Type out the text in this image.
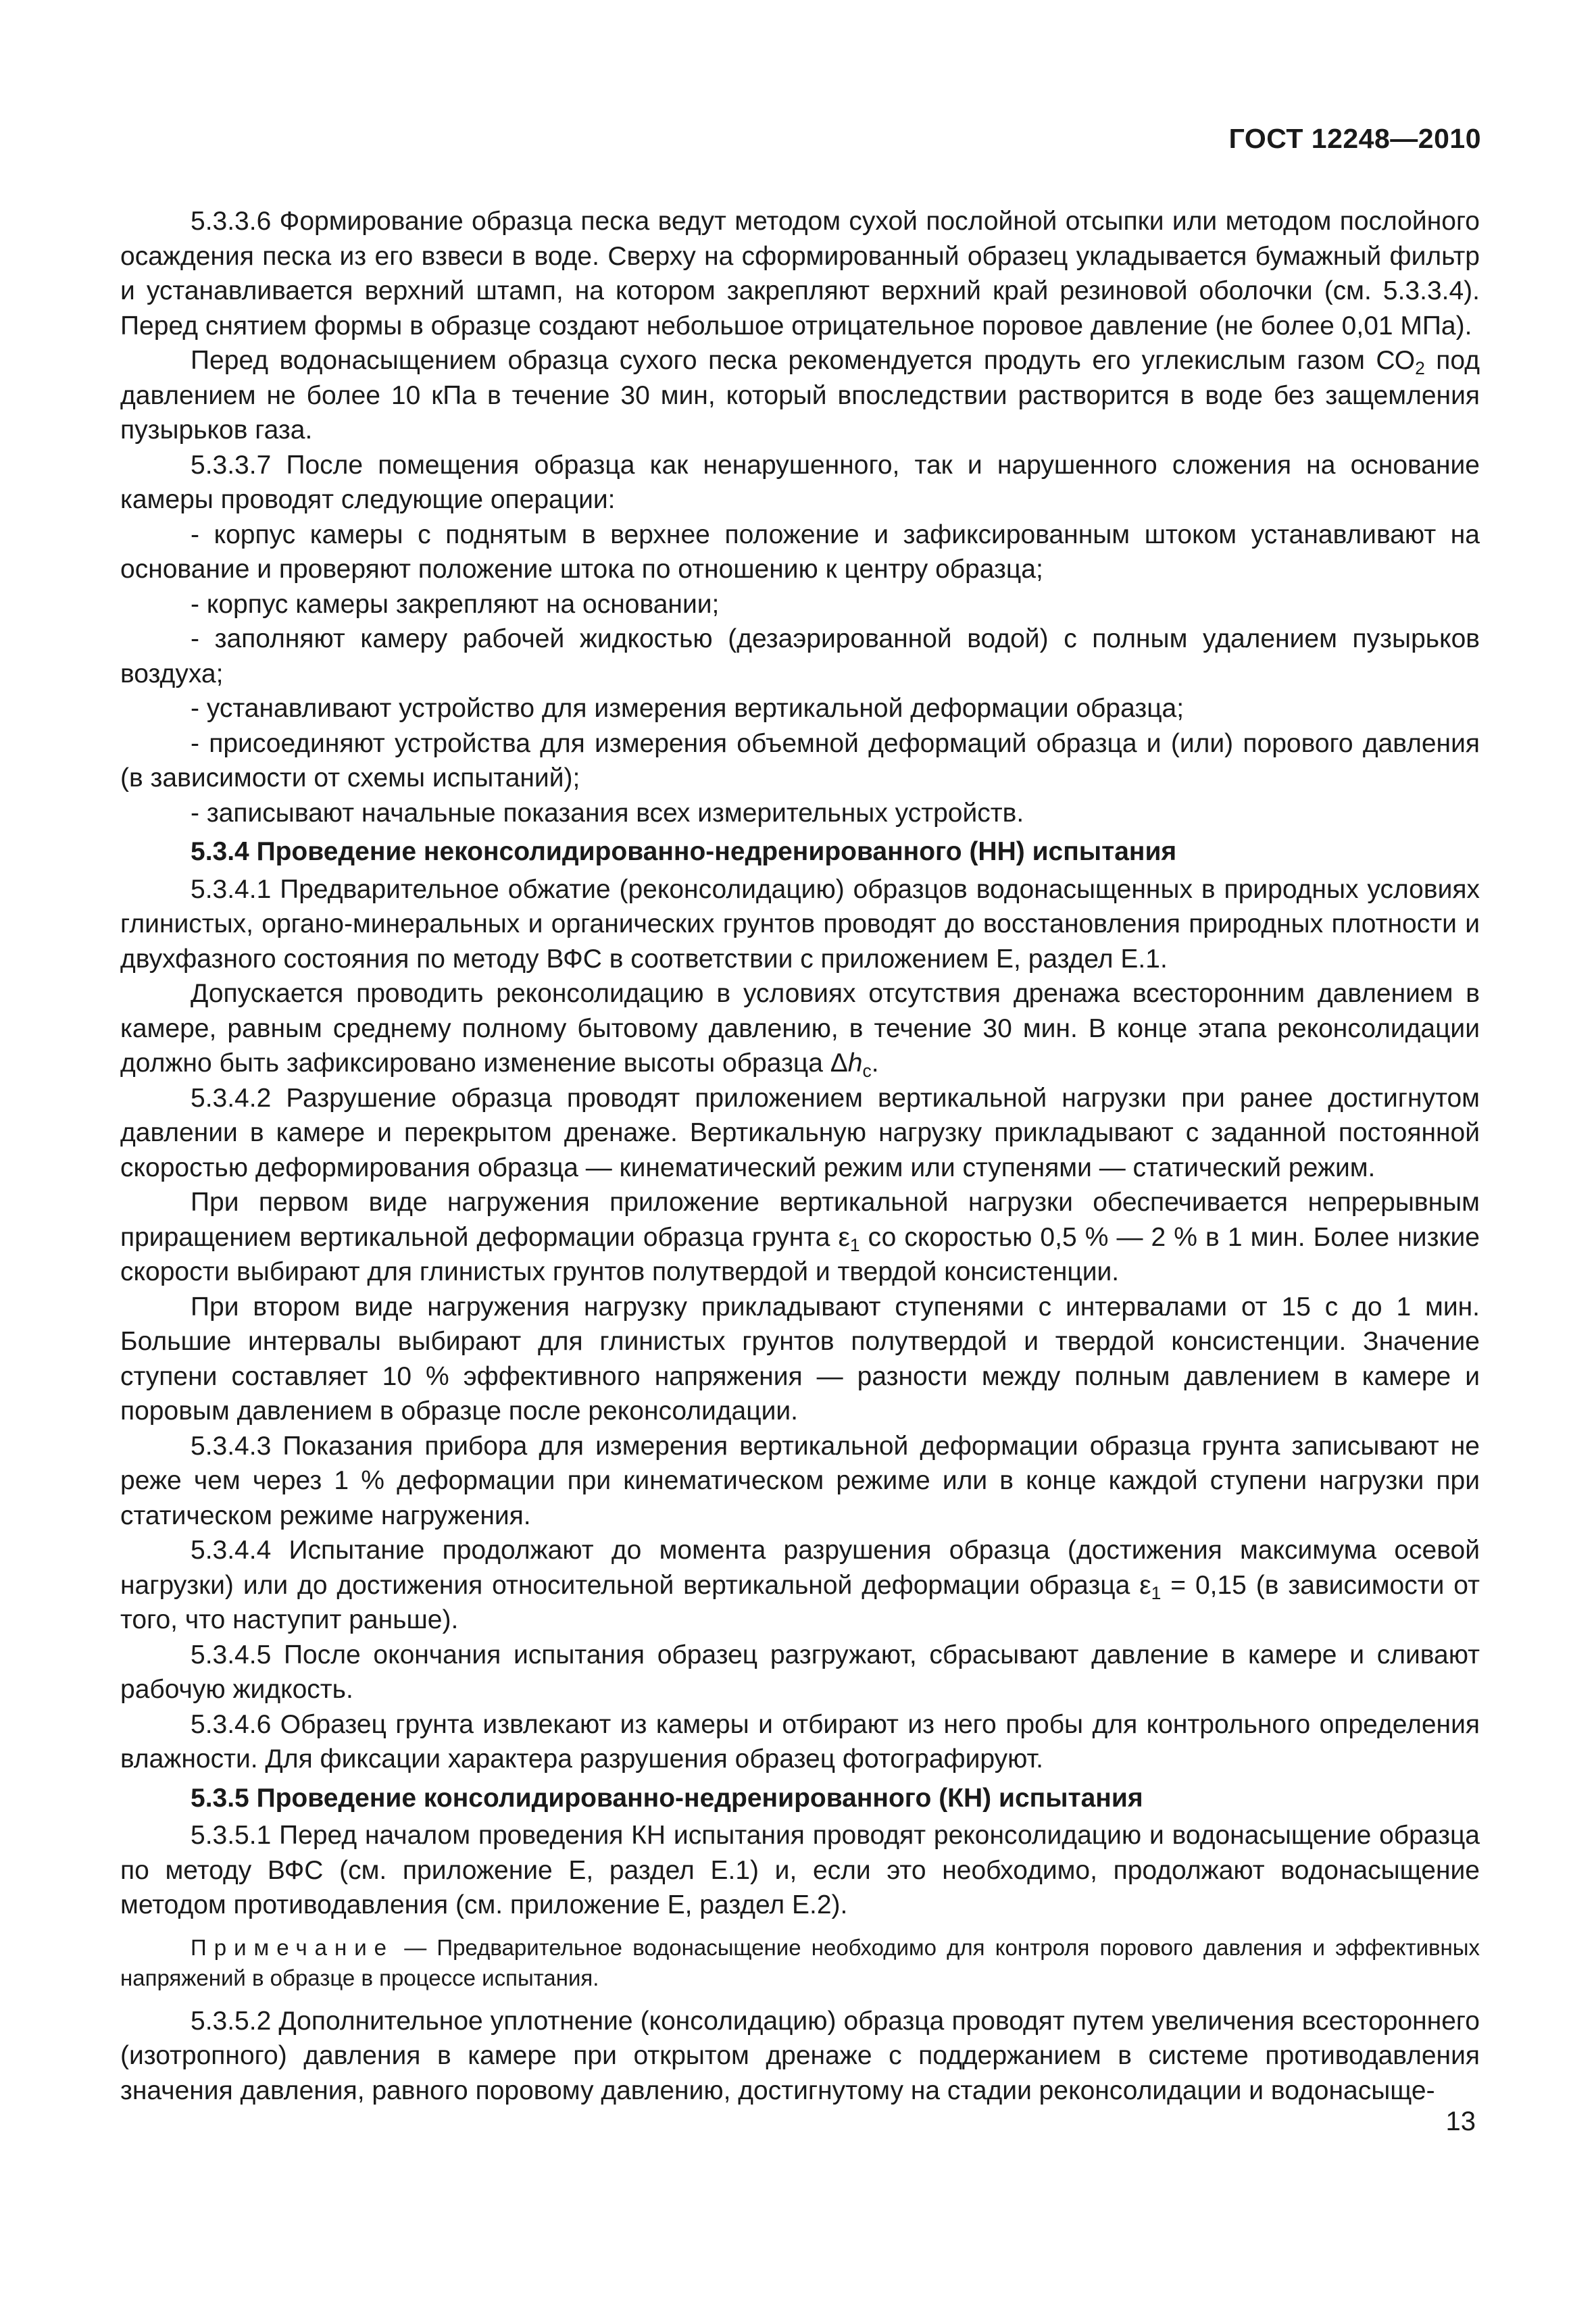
ГОСТ 12248—2010

5.3.3.6 Формирование образца песка ведут методом сухой послойной отсыпки или методом послойного осаждения песка из его взвеси в воде. Сверху на сформированный образец укладывается бумажный фильтр и устанавливается верхний штамп, на котором закрепляют верхний край резиновой оболочки (см. 5.3.3.4). Перед снятием формы в образце создают небольшое отрицательное поровое давление (не более 0,01 МПа).

Перед водонасыщением образца сухого песка рекомендуется продуть его углекислым газом $СО_2$ под давлением не более 10 кПа в течение 30 мин, который впоследствии растворится в воде без защемления пузырьков газа.

5.3.3.7 После помещения образца как ненарушенного, так и нарушенного сложения на основание камеры проводят следующие операции:

- корпус камеры с поднятым в верхнее положение и зафиксированным штоком устанавливают на основание и проверяют положение штока по отношению к центру образца;

- корпус камеры закрепляют на основании;

- заполняют камеру рабочей жидкостью (дезаэрированной водой) с полным удалением пузырьков воздуха;

- устанавливают устройство для измерения вертикальной деформации образца;

- присоединяют устройства для измерения объемной деформаций образца и (или) порового давления (в зависимости от схемы испытаний);

- записывают начальные показания всех измерительных устройств.

5.3.4 Проведение неконсолидированно-недренированного (НН) испытания

5.3.4.1 Предварительное обжатие (реконсолидацию) образцов водонасыщенных в природных условиях глинистых, органо-минеральных и органических грунтов проводят до восстановления природных плотности и двухфазного состояния по методу ВФС в соответствии с приложением Е, раздел Е.1.

Допускается проводить реконсолидацию в условиях отсутствия дренажа всесторонним давлением в камере, равным среднему полному бытовому давлению, в течение 30 мин. В конце этапа реконсолидации должно быть зафиксировано изменение высоты образца $\Delta h_c$.

5.3.4.2 Разрушение образца проводят приложением вертикальной нагрузки при ранее достигнутом давлении в камере и перекрытом дренаже. Вертикальную нагрузку прикладывают с заданной постоянной скоростью деформирования образца — кинематический режим или ступенями — статический режим.

При первом виде нагружения приложение вертикальной нагрузки обеспечивается непрерывным приращением вертикальной деформации образца грунта $\varepsilon_1$ со скоростью 0,5 % — 2 % в 1 мин. Более низкие скорости выбирают для глинистых грунтов полутвердой и твердой консистенции.

При втором виде нагружения нагрузку прикладывают ступенями с интервалами от 15 с до 1 мин. Большие интервалы выбирают для глинистых грунтов полутвердой и твердой консистенции. Значение ступени составляет 10 % эффективного напряжения — разности между полным давлением в камере и поровым давлением в образце после реконсолидации.

5.3.4.3 Показания прибора для измерения вертикальной деформации образца грунта записывают не реже чем через 1 % деформации при кинематическом режиме или в конце каждой ступени нагрузки при статическом режиме нагружения.

5.3.4.4 Испытание продолжают до момента разрушения образца (достижения максимума осевой нагрузки) или до достижения относительной вертикальной деформации образца $\varepsilon_1 = 0,15$ (в зависимости от того, что наступит раньше).

5.3.4.5 После окончания испытания образец разгружают, сбрасывают давление в камере и сливают рабочую жидкость.

5.3.4.6 Образец грунта извлекают из камеры и отбирают из него пробы для контрольного определения влажности. Для фиксации характера разрушения образец фотографируют.

5.3.5 Проведение консолидированно-недренированного (КН) испытания

5.3.5.1 Перед началом проведения КН испытания проводят реконсолидацию и водонасыщение образца по методу ВФС (см. приложение Е, раздел Е.1) и, если это необходимо, продолжают водонасыщение методом противодавления (см. приложение Е, раздел Е.2).

Примечание — Предварительное водонасыщение необходимо для контроля порового давления и эффективных напряжений в образце в процессе испытания.

5.3.5.2 Дополнительное уплотнение (консолидацию) образца проводят путем увеличения всестороннего (изотропного) давления в камере при открытом дренаже с поддержанием в системе противодавления значения давления, равного поровому давлению, достигнутому на стадии реконсолидации и водонасыще-

13
